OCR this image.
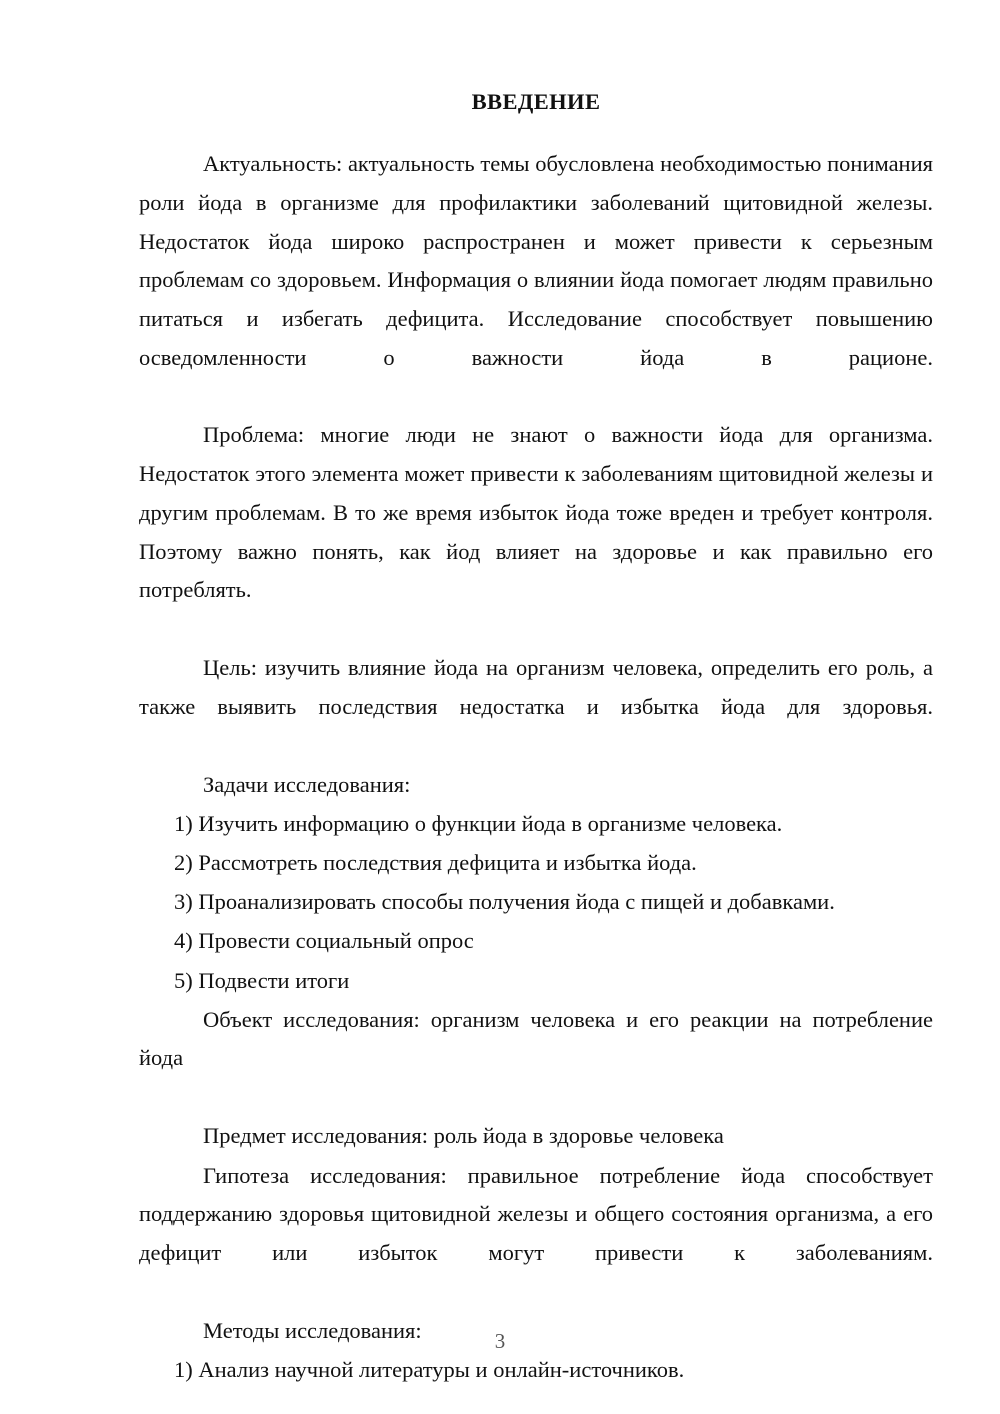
ВВЕДЕНИЕ

Актуальность: актуальность темы обусловлена необходимостью понимания роли йода в организме для профилактики заболеваний щитовидной железы. Недостаток йода широко распространен и может привести к серьезным проблемам со здоровьем. Информация о влиянии йода помогает людям правильно питаться и избегать дефицита. Исследование способствует повышению осведомленности о важности йода в рационе.

Проблема: многие люди не знают о важности йода для организма. Недостаток этого элемента может привести к заболеваниям щитовидной железы и другим проблемам. В то же время избыток йода тоже вреден и требует контроля. Поэтому важно понять, как йод влияет на здоровье и как правильно его потреблять.

Цель: изучить влияние йода на организм человека, определить его роль, а также выявить последствия недостатка и избытка йода для здоровья.

Задачи исследования:

1) Изучить информацию о функции йода в организме человека.

2) Рассмотреть последствия дефицита и избытка йода.

3) Проанализировать способы получения йода с пищей и добавками.

4) Провести социальный опрос

5) Подвести итоги

Объект исследования: организм человека и его реакции на потребление йода

Предмет исследования: роль йода в здоровье человека

Гипотеза исследования: правильное потребление йода способствует поддержанию здоровья щитовидной железы и общего состояния организма, а его дефицит или избыток могут привести к заболеваниям.

Методы исследования:

1) Анализ научной литературы и онлайн-источников.

3
